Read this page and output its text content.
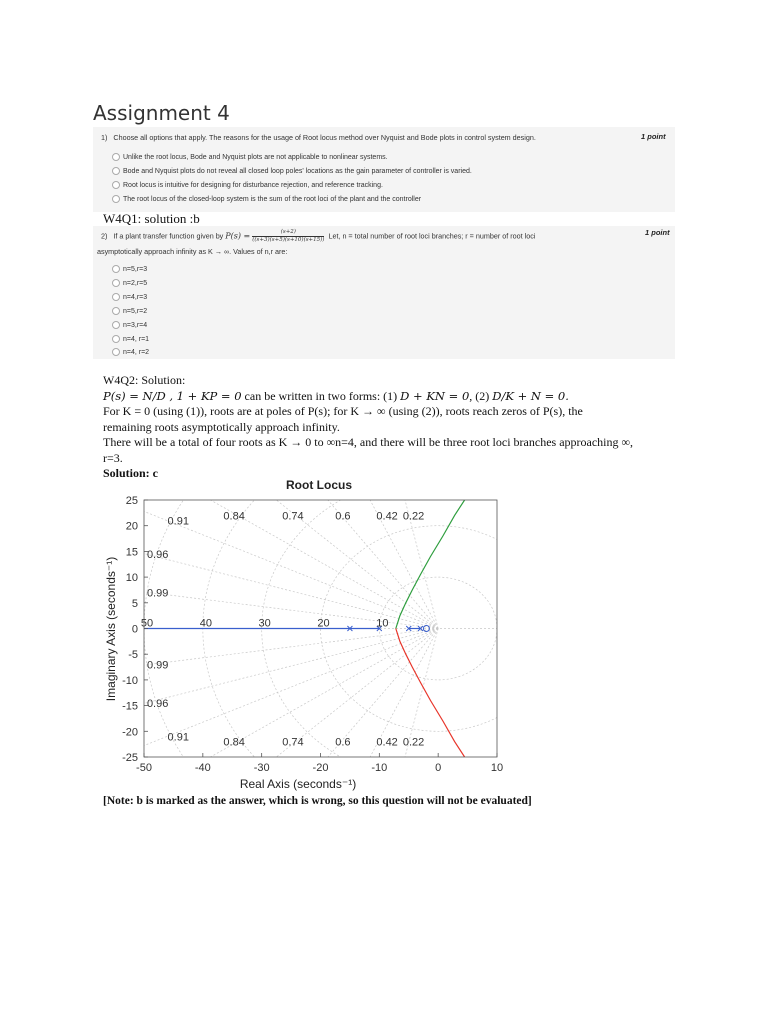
Assignment 4
1) Choose all options that apply. The reasons for the usage of Root locus method over Nyquist and Bode plots in control system design.	1 point
Unlike the root locus, Bode and Nyquist plots are not applicable to nonlinear systems.
Bode and Nyquist plots do not reveal all closed loop poles' locations as the gain parameter of controller is varied.
Root locus is intuitive for designing for disturbance rejection, and reference tracking.
The root locus of the closed-loop system is the sum of the root loci of the plant and the controller
W4Q1: solution :b
2) If a plant transfer function given by $P(s) = \frac{(s+2)}{((s+3)(s+5)(s+10)(s+15))}$ Let, n = total number of root loci branches; r = number of root loci
asymptotically approach infinity as K → ∞. Values of n,r are:
1 point
n=5,r=3
n=2,r=5
n=4,r=3
n=5,r=2
n=3,r=4
n=4, r=1
n=4, r=2

W4Q2: Solution:

P(s) = N/D , 1 + KP = 0 can be written in two forms: (1) D + KN = 0, (2) D/K + N = 0.

For K = 0 (using (1)), roots are at poles of P(s); for K → ∞ (using (2)), roots reach zeros of P(s), the

remaining roots asymptotically approach infinity.

There will be a total of four roots as K → 0 to ∞n=4, and there will be three root loci branches approaching ∞,

r=3.

Solution: c

Root Locus
Real Axis (seconds⁻¹)
Imaginary Axis (seconds⁻¹)
-50	-40	-30	-20	-10	0	10
25
20
15
10
5
0
-5
-10
-15
-20
-25
0.91
0.91
0.84
0.84
0.74
0.74
0.6
0.6
0.42
0.42
0.22
0.22
0.96
0.96
0.99
0.99
50	40	30	20	10
[Note: b is marked as the answer, which is wrong, so this question will not be evaluated]
